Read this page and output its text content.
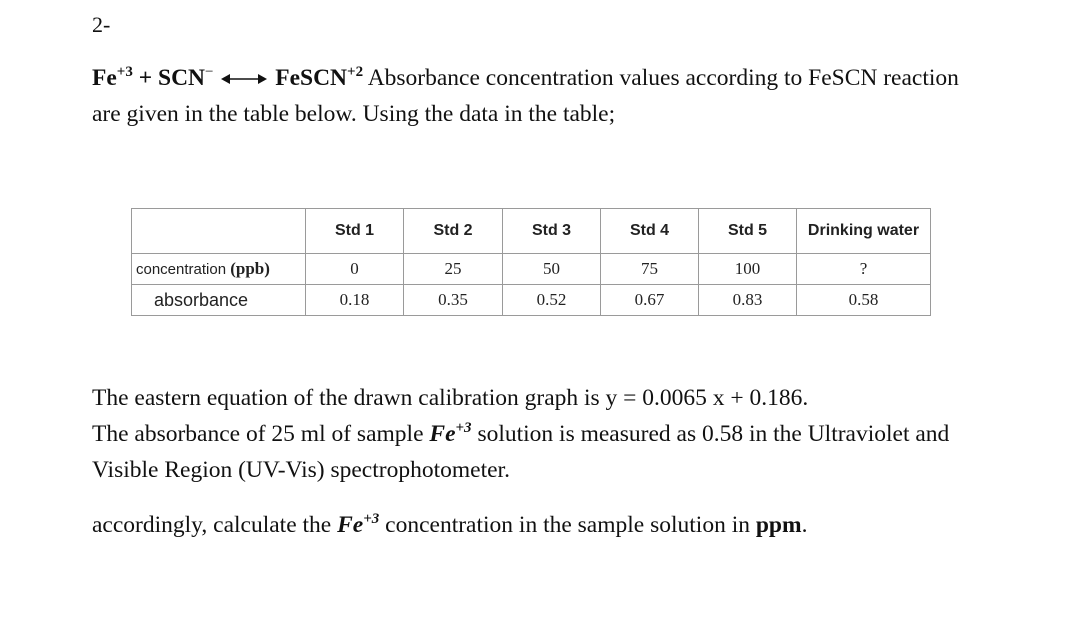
2-
$Fe^{+3} + SCN^-$	FeSCN$^{+2}$ Absorbance concentration values according to FeSCN reaction are given in the table below. Using the data in the table;
	Std 1	Std 2	Std 3	Std 4	Std 5	Drinking water
concentration (ppb)	0	25	50	75	100	?
absorbance	0.18	0.35	0.52	0.67	0.83	0.58
The eastern equation of the drawn calibration graph is y = 0.0065 x + 0.186.
The absorbance of 25 ml of sample $Fe^{+3}$ solution is measured as 0.58 in the Ultraviolet and Visible Region (UV-Vis) spectrophotometer.
accordingly, calculate the $Fe^{+3}$ concentration in the sample solution in ppm.
